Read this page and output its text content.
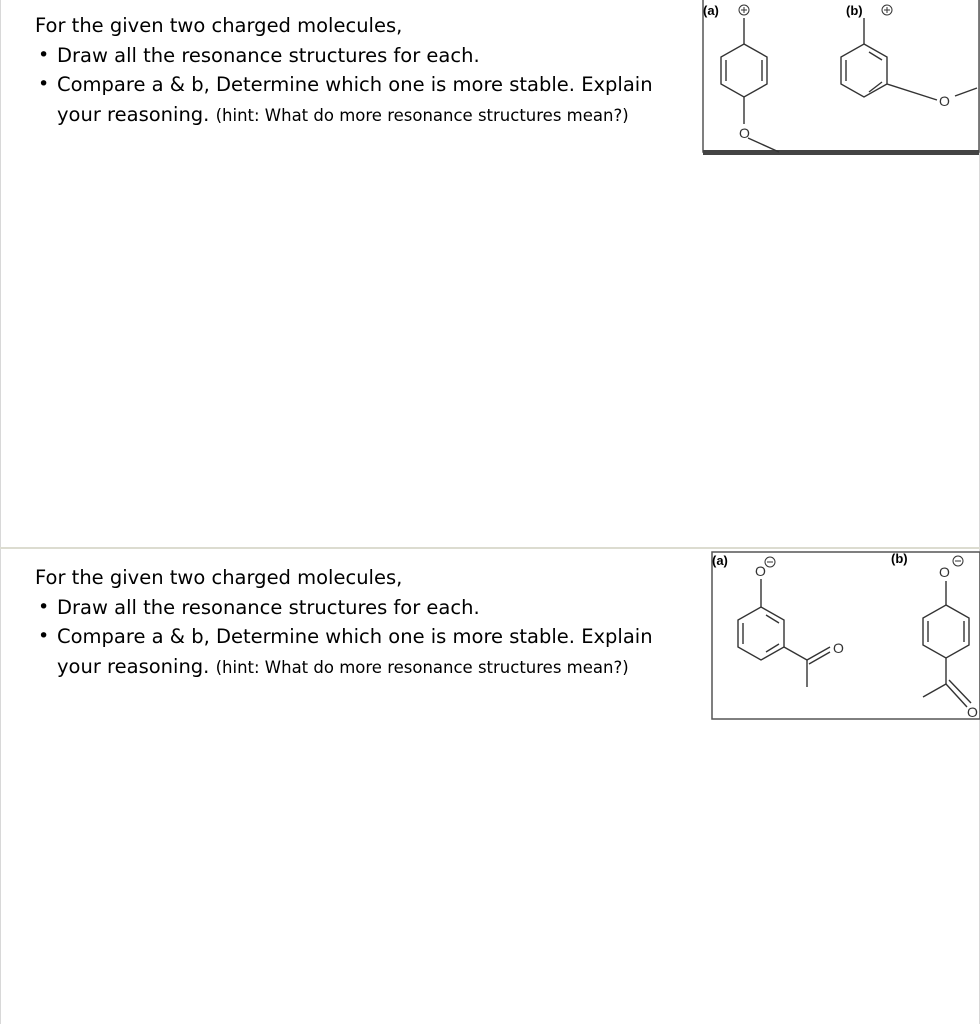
For the given two charged molecules,

• Draw all the resonance structures for each.
• Compare a & b, Determine which one is more stable. Explain your reasoning. (hint: What do more resonance structures mean?)
(a)	(b)
O
O

For the given two charged molecules,

• Draw all the resonance structures for each.
• Compare a & b, Determine which one is more stable. Explain your reasoning. (hint: What do more resonance structures mean?)
(a)	(b)
O
O
O
O
